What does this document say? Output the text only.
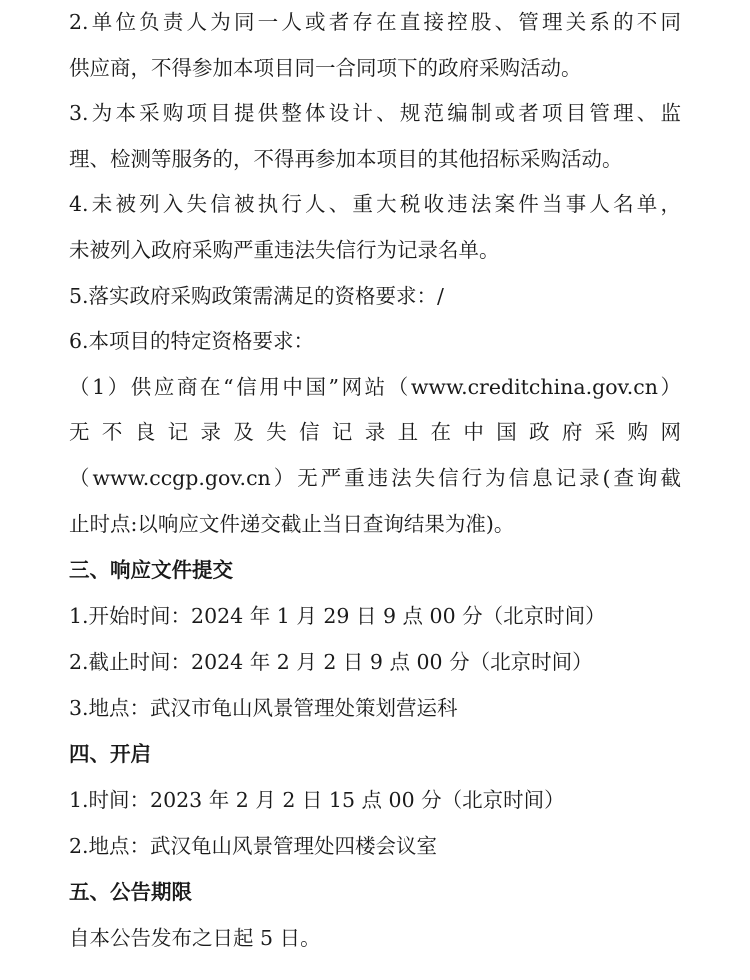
2.单位负责人为同一人或者存在直接控股、管理关系的不同
供应商，不得参加本项目同一合同项下的政府采购活动。
3.为本采购项目提供整体设计、规范编制或者项目管理、监
理、检测等服务的，不得再参加本项目的其他招标采购活动。
4.未被列入失信被执行人、重大税收违法案件当事人名单，
未被列入政府采购严重违法失信行为记录名单。
5.落实政府采购政策需满足的资格要求：/
6.本项目的特定资格要求：
（1）供应商在“信用中国”网站（www.creditchina.gov.cn）
无不良记录及失信记录且在中国政府采购网
（www.ccgp.gov.cn）无严重违法失信行为信息记录(查询截
止时点:以响应文件递交截止当日查询结果为准)。
三、响应文件提交
1.开始时间：2024 年 1 月 29 日 9 点 00 分（北京时间）
2.截止时间：2024 年 2 月 2 日 9 点 00 分（北京时间）
3.地点：武汉市龟山风景管理处策划营运科
四、开启
1.时间：2023 年 2 月 2 日 15 点 00 分（北京时间）
2.地点：武汉龟山风景管理处四楼会议室
五、公告期限
自本公告发布之日起 5 日。
